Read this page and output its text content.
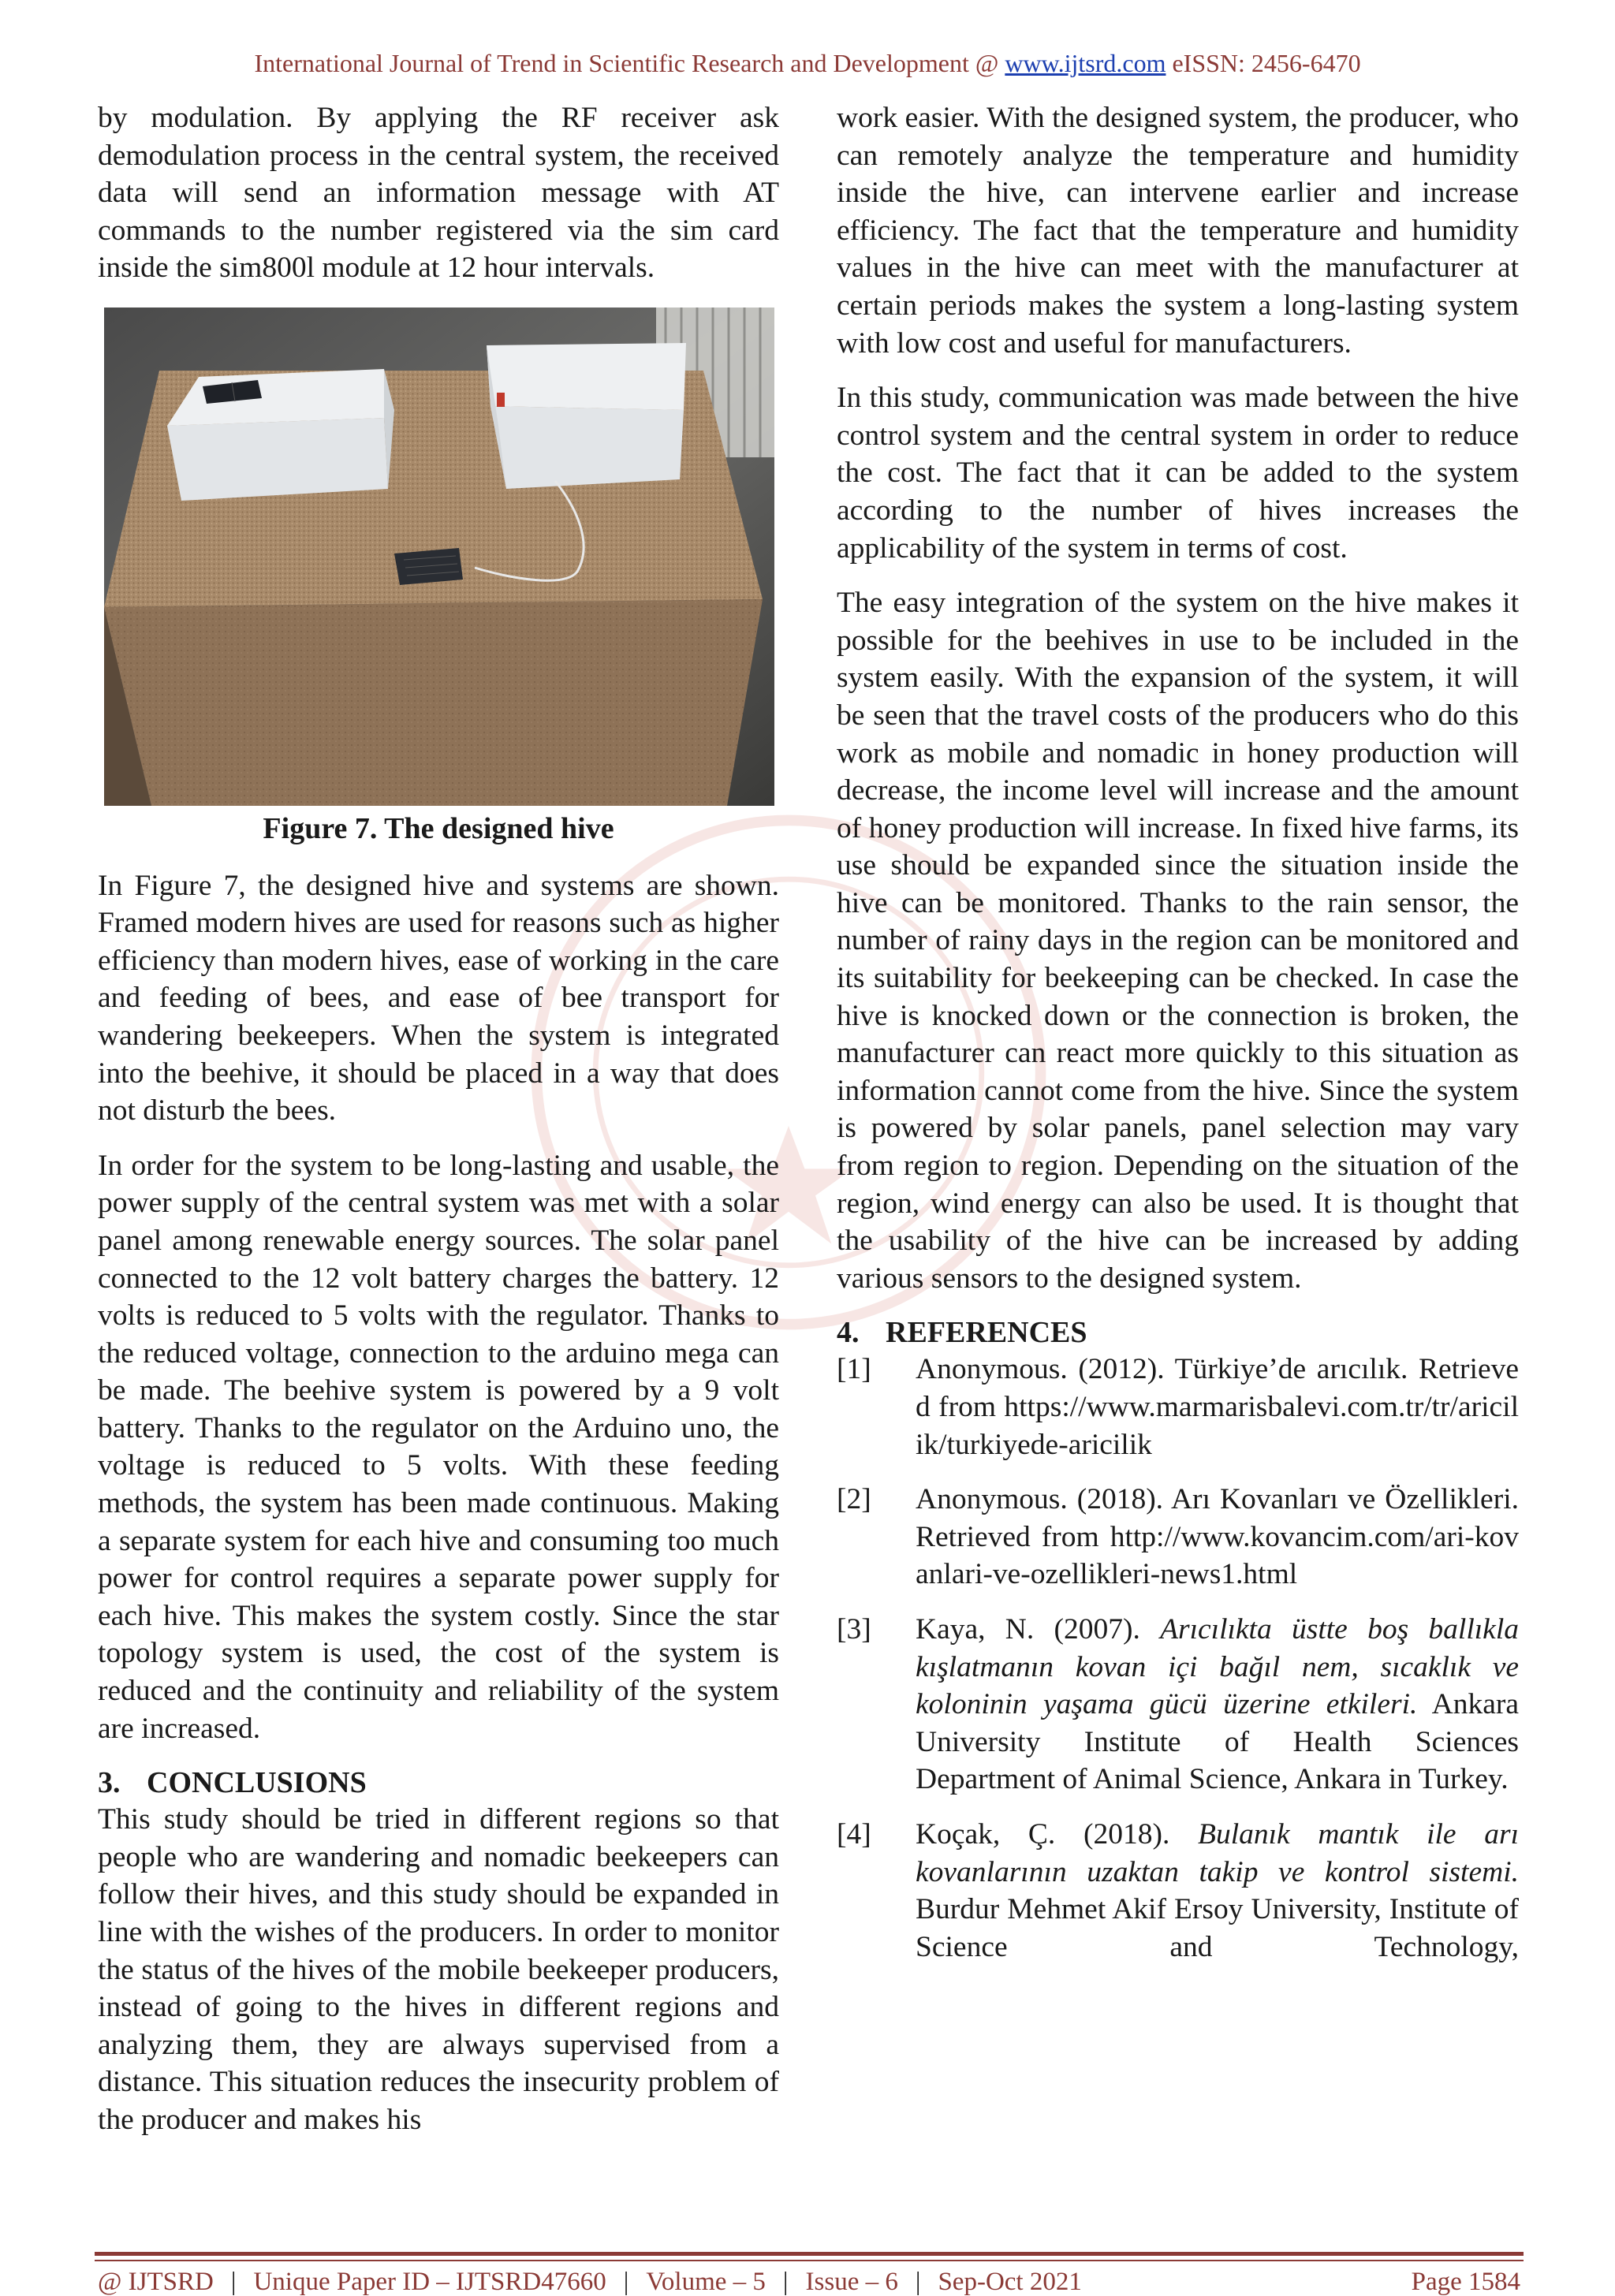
International Journal of Trend in Scientific Research and Development @ www.ijtsrd.com eISSN: 2456-6470

by modulation. By applying the RF receiver ask demodulation process in the central system, the received data will send an information message with AT commands to the number registered via the sim card inside the sim800l module at 12 hour intervals.

Figure 7. The designed hive

In Figure 7, the designed hive and systems are shown. Framed modern hives are used for reasons such as higher efficiency than modern hives, ease of working in the care and feeding of bees, and ease of bee transport for wandering beekeepers. When the system is integrated into the beehive, it should be placed in a way that does not disturb the bees.

In order for the system to be long-lasting and usable, the power supply of the central system was met with a solar panel among renewable energy sources. The solar panel connected to the 12 volt battery charges the battery. 12 volts is reduced to 5 volts with the regulator. Thanks to the reduced voltage, connection to the arduino mega can be made. The beehive system is powered by a 9 volt battery. Thanks to the regulator on the Arduino uno, the voltage is reduced to 5 volts. With these feeding methods, the system has been made continuous. Making a separate system for each hive and consuming too much power for control requires a separate power supply for each hive. This makes the system costly. Since the star topology system is used, the cost of the system is reduced and the continuity and reliability of the system are increased.

3. CONCLUSIONS

This study should be tried in different regions so that people who are wandering and nomadic beekeepers can follow their hives, and this study should be expanded in line with the wishes of the producers. In order to monitor the status of the hives of the mobile beekeeper producers, instead of going to the hives in different regions and analyzing them, they are always supervised from a distance. This situation reduces the insecurity problem of the producer and makes his

work easier. With the designed system, the producer, who can remotely analyze the temperature and humidity inside the hive, can intervene earlier and increase efficiency. The fact that the temperature and humidity values in the hive can meet with the manufacturer at certain periods makes the system a long-lasting system with low cost and useful for manufacturers.

In this study, communication was made between the hive control system and the central system in order to reduce the cost. The fact that it can be added to the system according to the number of hives increases the applicability of the system in terms of cost.

The easy integration of the system on the hive makes it possible for the beehives in use to be included in the system easily. With the expansion of the system, it will be seen that the travel costs of the producers who do this work as mobile and nomadic in honey production will decrease, the income level will increase and the amount of honey production will increase. In fixed hive farms, its use should be expanded since the situation inside the hive can be monitored. Thanks to the rain sensor, the number of rainy days in the region can be monitored and its suitability for beekeeping can be checked. In case the hive is knocked down or the connection is broken, the manufacturer can react more quickly to this situation as information cannot come from the hive. Since the system is powered by solar panels, panel selection may vary from region to region. Depending on the situation of the region, wind energy can also be used. It is thought that the usability of the hive can be increased by adding various sensors to the designed system.

4. REFERENCES
[1] Anonymous. (2012). Türkiye’de arıcılık. Retrieved from https://www.marmarisbalevi.com.tr/tr/aricilik/turkiyede-aricilik
[2] Anonymous. (2018). Arı Kovanları ve Özellikleri. Retrieved from http://www.kovancim.com/ari-kovanlari-ve-ozellikleri-news1.html
[3] Kaya, N. (2007). Arıcılıkta üstte boş ballıkla kışlatmanın kovan içi bağıl nem, sıcaklık ve koloninin yaşama gücü üzerine etkileri. Ankara University Institute of Health Sciences Department of Animal Science, Ankara in Turkey.
[4] Koçak, Ç. (2018). Bulanık mantık ile arı kovanlarının uzaktan takip ve kontrol sistemi. Burdur Mehmet Akif Ersoy University, Institute of Science and Technology,
@ IJTSRD | Unique Paper ID – IJTSRD47660 | Volume – 5 | Issue – 6 | Sep-Oct 2021	Page 1584
